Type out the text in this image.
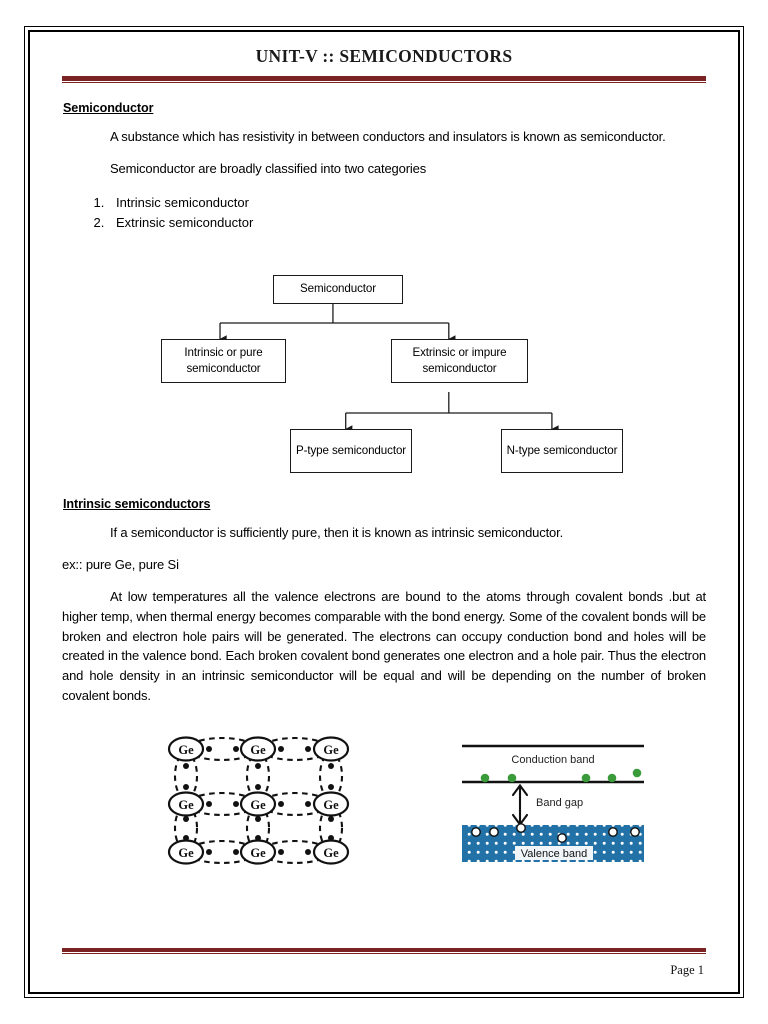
UNIT-V :: SEMICONDUCTORS
Semiconductor

A substance which has resistivity in between conductors and insulators is known as semiconductor.

Semiconductor are broadly classified into two categories

1. Intrinsic semiconductor
2. Extrinsic semiconductor
Semiconductor
Intrinsic or pure semiconductor
Extrinsic or impure semiconductor
P-type semiconductor	N-type semiconductor
Intrinsic semiconductors

If a semiconductor is sufficiently pure, then it is known as intrinsic semiconductor.

ex:: pure Ge, pure Si

At low temperatures all the valence electrons are bound to the atoms through covalent bonds .but at higher temp, when thermal energy becomes comparable with the bond energy. Some of the covalent bonds will be broken and electron hole pairs will be generated. The electrons can occupy conduction bond and holes will be created in the valence bond. Each broken covalent bond generates one electron and a hole pair. Thus the electron and hole density in an intrinsic semiconductor will be equal and will be depending on the number of broken covalent bonds.

Ge	Ge	Ge
Ge	Ge	Ge
Ge	Ge	Ge
Conduction band
Band gap
Valence band
Page 1
